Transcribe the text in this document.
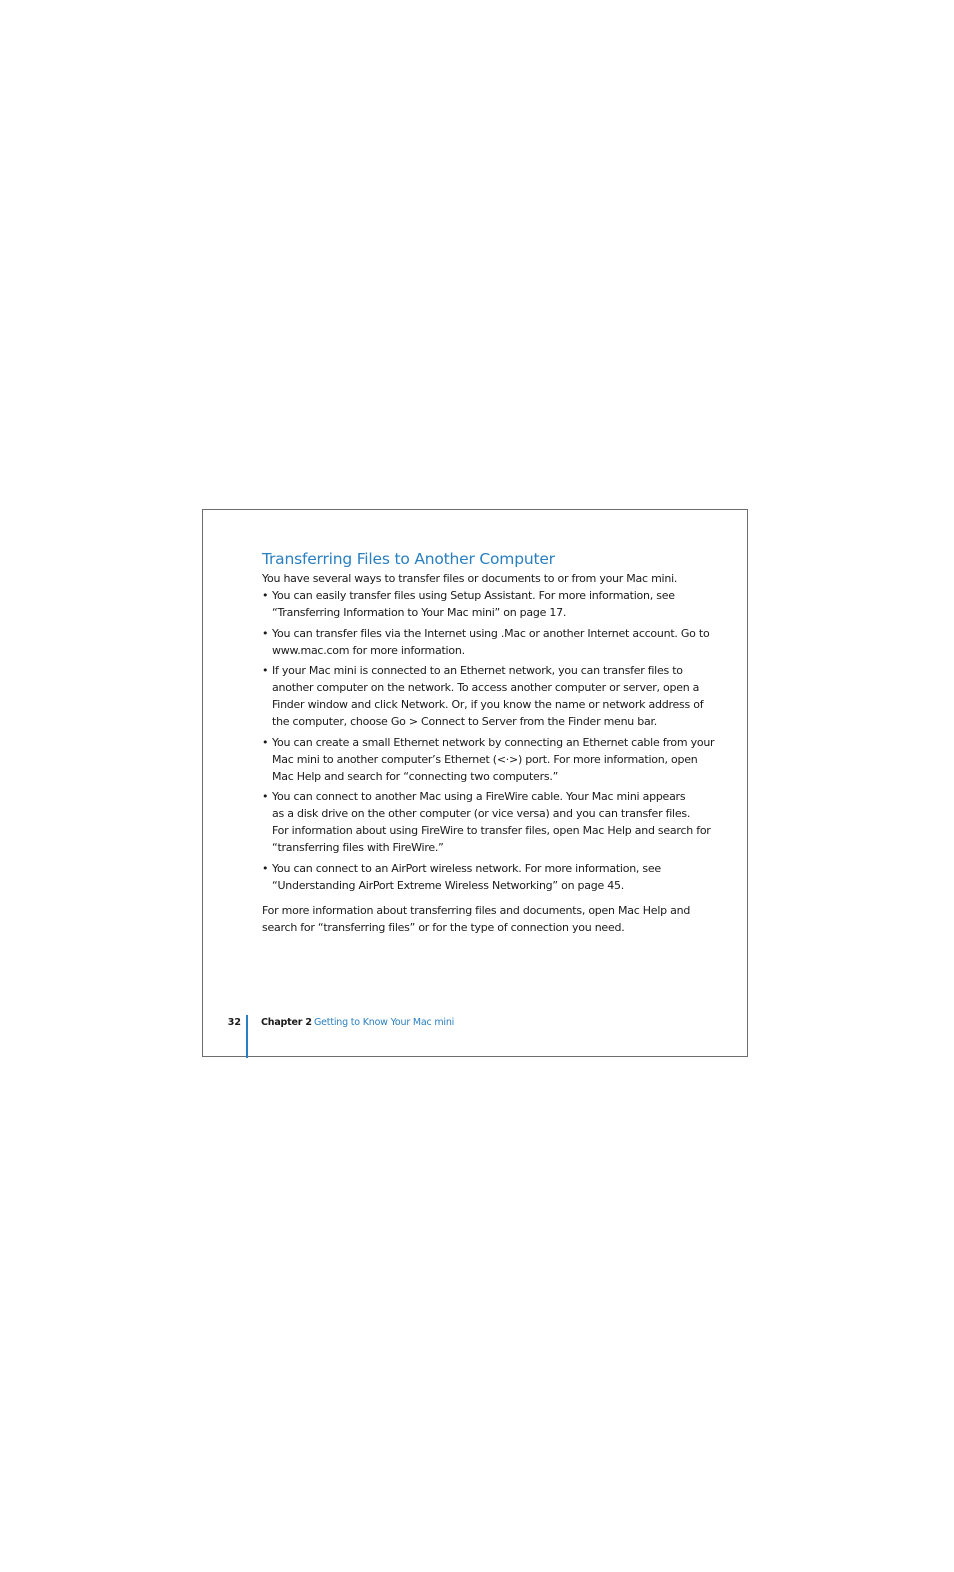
Transferring Files to Another Computer

You have several ways to transfer files or documents to or from your Mac mini.

• You can easily transfer files using Setup Assistant. For more information, see
“Transferring Information to Your Mac mini” on page 17.
• You can transfer files via the Internet using .Mac or another Internet account. Go to
www.mac.com for more information.
• If your Mac mini is connected to an Ethernet network, you can transfer files to
another computer on the network. To access another computer or server, open a
Finder window and click Network. Or, if you know the name or network address of
the computer, choose Go > Connect to Server from the Finder menu bar.
• You can create a small Ethernet network by connecting an Ethernet cable from your
Mac mini to another computer’s Ethernet (<·>) port. For more information, open
Mac Help and search for “connecting two computers.”
• You can connect to another Mac using a FireWire cable. Your Mac mini appears
as a disk drive on the other computer (or vice versa) and you can transfer files.
For information about using FireWire to transfer files, open Mac Help and search for
“transferring files with FireWire.”
• You can connect to an AirPort wireless network. For more information, see
“Understanding AirPort Extreme Wireless Networking” on page 45.

For more information about transferring files and documents, open Mac Help and
search for “transferring files” or for the type of connection you need.

32 Chapter 2 Getting to Know Your Mac mini
